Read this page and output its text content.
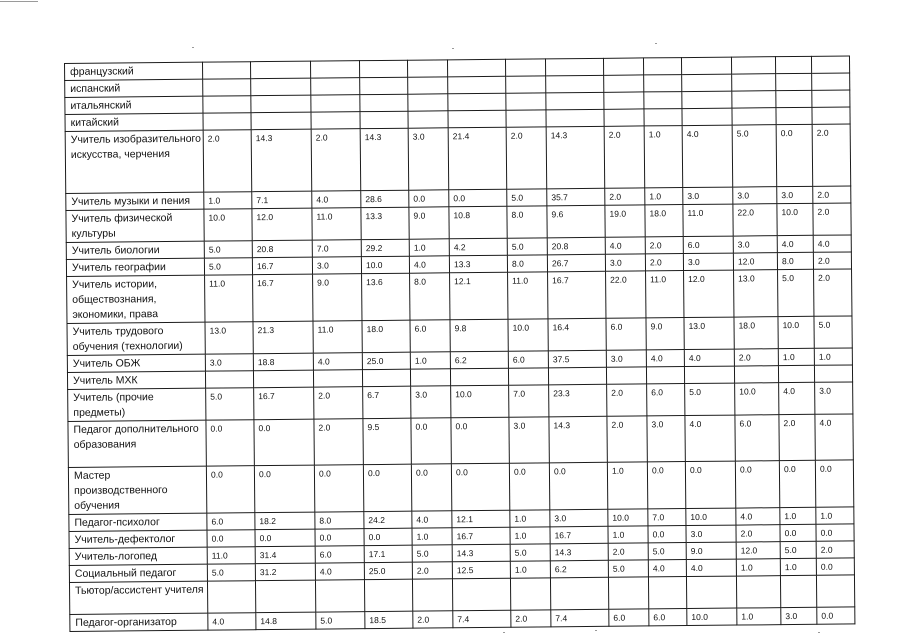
французский														
испанский														
итальянский														
китайский														
Учитель изобразительного искусства, черчения	2.0	14.3	2.0	14.3	3.0	21.4	2.0	14.3	2.0	1.0	4.0	5.0	0.0	2.0
Учитель музыки и пения	1.0	7.1	4.0	28.6	0.0	0.0	5.0	35.7	2.0	1.0	3.0	3.0	3.0	2.0
Учитель физической культуры	10.0	12.0	11.0	13.3	9.0	10.8	8.0	9.6	19.0	18.0	11.0	22.0	10.0	2.0
Учитель биологии	5.0	20.8	7.0	29.2	1.0	4.2	5.0	20.8	4.0	2.0	6.0	3.0	4.0	4.0
Учитель географии	5.0	16.7	3.0	10.0	4.0	13.3	8.0	26.7	3.0	2.0	3.0	12.0	8.0	2.0
Учитель истории, обществознания, экономики, права	11.0	16.7	9.0	13.6	8.0	12.1	11.0	16.7	22.0	11.0	12.0	13.0	5.0	2.0
Учитель трудового обучения (технологии)	13.0	21.3	11.0	18.0	6.0	9.8	10.0	16.4	6.0	9.0	13.0	18.0	10.0	5.0
Учитель ОБЖ	3.0	18.8	4.0	25.0	1.0	6.2	6.0	37.5	3.0	4.0	4.0	2.0	1.0	1.0
Учитель МХК														
Учитель (прочие предметы)	5.0	16.7	2.0	6.7	3.0	10.0	7.0	23.3	2.0	6.0	5.0	10.0	4.0	3.0
Педагог дополнительного образования	0.0	0.0	2.0	9.5	0.0	0.0	3.0	14.3	2.0	3.0	4.0	6.0	2.0	4.0
Мастер производственного обучения	0.0	0.0	0.0	0.0	0.0	0.0	0.0	0.0	1.0	0.0	0.0	0.0	0.0	0.0
Педагог-психолог	6.0	18.2	8.0	24.2	4.0	12.1	1.0	3.0	10.0	7.0	10.0	4.0	1.0	1.0
Учитель-дефектолог	0.0	0.0	0.0	0.0	1.0	16.7	1.0	16.7	1.0	0.0	3.0	2.0	0.0	0.0
Учитель-логопед	11.0	31.4	6.0	17.1	5.0	14.3	5.0	14.3	2.0	5.0	9.0	12.0	5.0	2.0
Социальный педагог	5.0	31.2	4.0	25.0	2.0	12.5	1.0	6.2	5.0	4.0	4.0	1.0	1.0	0.0
Тьютор/ассистент учителя														
Педагог-организатор	4.0	14.8	5.0	18.5	2.0	7.4	2.0	7.4	6.0	6.0	10.0	1.0	3.0	0.0
